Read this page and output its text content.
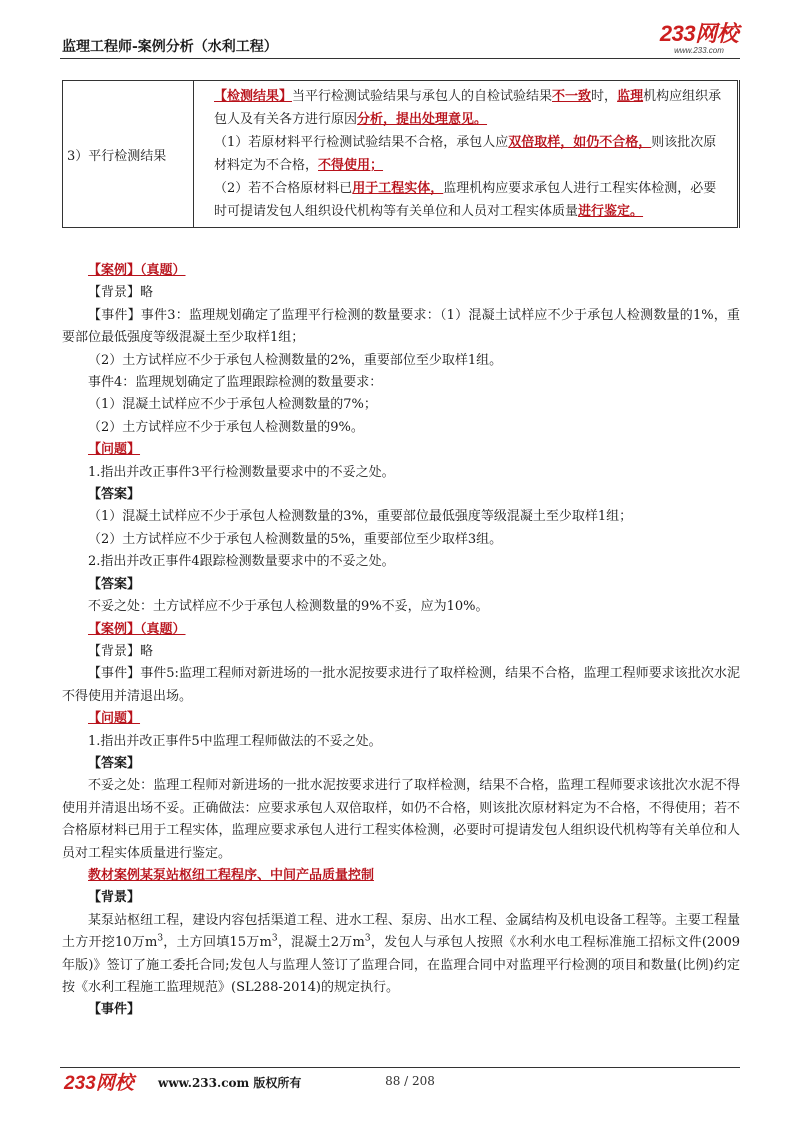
监理工程师-案例分析（水利工程）
233网校
www.233.com
3）平行检测结果	
【检测结果】当平行检测试验结果与承包人的自检试验结果不一致时，监理机构应组织承包人及有关各方进行原因分析，提出处理意见。
（1）若原材料平行检测试验结果不合格，承包人应双倍取样，如仍不合格，则该批次原材料定为不合格，不得使用；
（2）若不合格原材料已用于工程实体，监理机构应要求承包人进行工程实体检测，必要时可提请发包人组织设代机构等有关单位和人员对工程实体质量进行鉴定。

【案例】（真题）

【背景】略

【事件】事件3：监理规划确定了监理平行检测的数量要求：（1）混凝土试样应不少于承包人检测数量的1%，重要部位最低强度等级混凝土至少取样1组；

（2）土方试样应不少于承包人检测数量的2%，重要部位至少取样1组。

事件4：监理规划确定了监理跟踪检测的数量要求：

（1）混凝土试样应不少于承包人检测数量的7%；

（2）土方试样应不少于承包人检测数量的9%。

【问题】

1.指出并改正事件3平行检测数量要求中的不妥之处。

【答案】

（1）混凝土试样应不少于承包人检测数量的3%，重要部位最低强度等级混凝土至少取样1组；

（2）土方试样应不少于承包人检测数量的5%，重要部位至少取样3组。

2.指出并改正事件4跟踪检测数量要求中的不妥之处。

【答案】

不妥之处：土方试样应不少于承包人检测数量的9%不妥，应为10%。

【案例】（真题）

【背景】略

【事件】事件5:监理工程师对新进场的一批水泥按要求进行了取样检测，结果不合格，监理工程师要求该批次水泥不得使用并清退出场。

【问题】

1.指出并改正事件5中监理工程师做法的不妥之处。

【答案】

不妥之处：监理工程师对新进场的一批水泥按要求进行了取样检测，结果不合格，监理工程师要求该批次水泥不得使用并清退出场不妥。正确做法：应要求承包人双倍取样，如仍不合格，则该批次原材料定为不合格，不得使用；若不合格原材料已用于工程实体，监理应要求承包人进行工程实体检测，必要时可提请发包人组织设代机构等有关单位和人员对工程实体质量进行鉴定。

教材案例某泵站枢纽工程程序、中间产品质量控制

【背景】

某泵站枢纽工程，建设内容包括渠道工程、进水工程、泵房、出水工程、金属结构及机电设备工程等。主要工程量土方开挖10万$m^3$，土方回填15万$m^3$，混凝土2万$m^3$，发包人与承包人按照《水利水电工程标准施工招标文件(2009年版)》签订了施工委托合同;发包人与监理人签订了监理合同，在监理合同中对监理平行检测的项目和数量(比例)约定按《水利工程施工监理规范》(SL288-2014)的规定执行。

【事件】

233网校 www.233.com 版权所有	88 / 208
